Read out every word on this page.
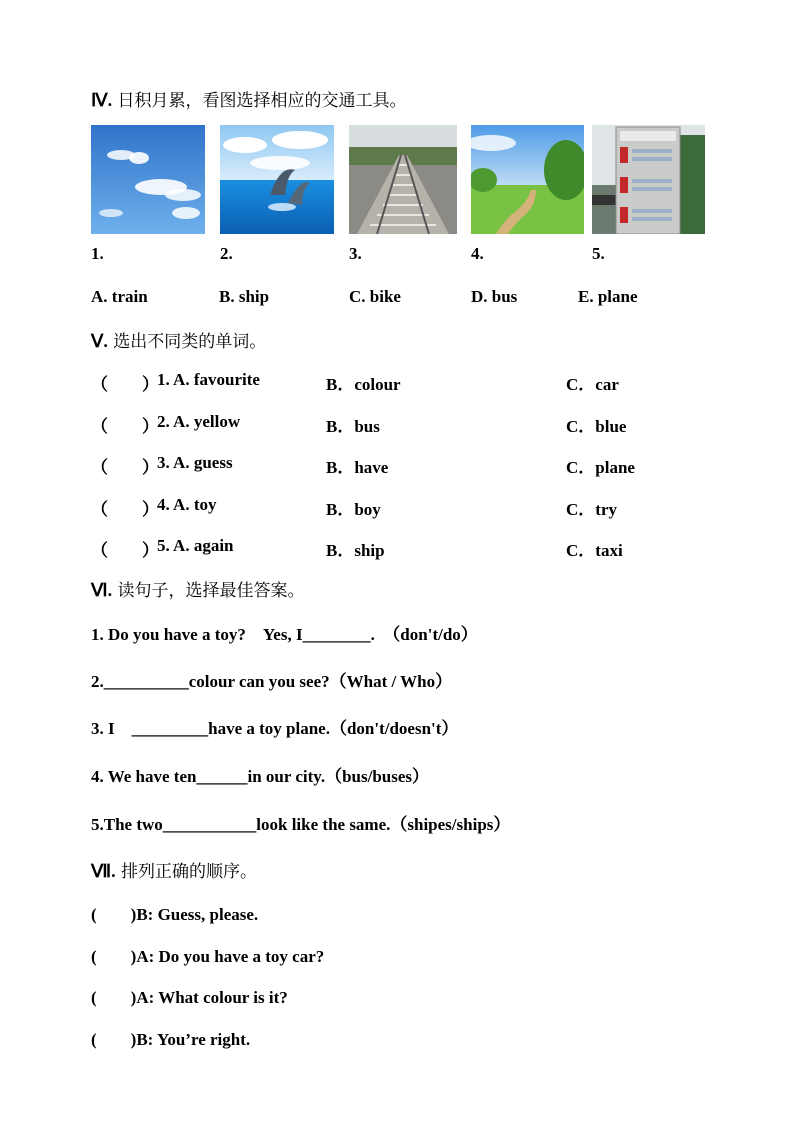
Ⅳ. 日积月累，看图选择相应的交通工具。
1.	2.	3.	4.	5.
A. train	B. ship	C. bike	D. bus	E. plane
Ⅴ. 选出不同类的单词。
（　　）
1. A. favourite	B．colour	C．car
（　　）
2. A. yellow	B．bus	C．blue
（　　）
3. A. guess	B．have	C．plane
（　　）
4. A. toy	B．boy	C．try
（　　）
5. A. again	B．ship	C．taxi
Ⅵ. 读句子，选择最佳答案。
1. Do you have a toy?　Yes, I________.　（don't/do）
2.__________colour can you see?（What / Who）
3. I　_________have a toy plane.（don't/doesn't）
4. We have ten______in our city.（bus/buses）
5.The two___________look like the same.（shipes/ships）
Ⅶ. 排列正确的顺序。
(　　)B: Guess, please.
(　　)A: Do you have a toy car?
(　　)A: What colour is it?
(　　)B: You’re right.
